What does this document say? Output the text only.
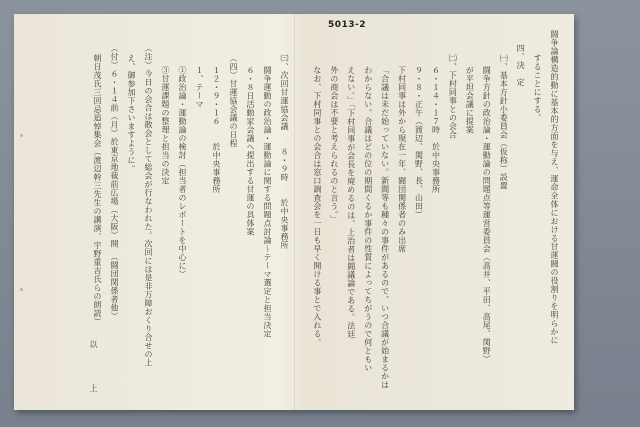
5013-2
闘争論構造的動に基本的方面を与え、運命全体における甘運闘の役割りを明らかに
することにする。
四、決　定
㈠、基本方針小委員会（仮称）設置
闘争方針の政治論・運動論の問題点等運営委員会（高井、平田、高尾、関野）
が平坦会議に提案
㈡、下村同事との会合
６・１４・１７時　於中央事務所
９・８・正午（渡辺、関野、長、山田）
下村同事は外から現在一年、闘団関係者のみ出席
「合議は未だ始っていない。新聞等も種々の事件があるので、いつ合議が始まるかは
わからない。合議はどの位の期間くるか事件の性質によってちがうので何ともい
えない。」「下村同事が会長を廃めるのは、上治者は闘議論である。法廷
外の商会は不要と考えられるのと言う。」
なお、下村同事との会合は窓口調査会を一日も早く開ける事とで入れる。
㈢、次回甘運協会議　　８・９時　　於中央事務所
闘争運動の政治論・運動論に関する問題点討論〜テーマ選定と担当決定
６・８日活動家会議へ提出する甘運の具体案
（四）甘運協会議の日程
１２・９・１６　　於中央事務所
１、テーマ
①政治論・運動論の検討（担当者のレポートを中心に）
③甘運課題の整理と担当の決定
（注）今日の会合は散会として総会が行なわれた。次回には是非万障おくり合せの上
え、御参加下さいますように。
（付）６・１４前（月）於東京地裁前広場（大阪）開　（闘団関係者他）
朝日茂氏三回忌追悼集会（渡辺幹三先生の講演、宇野重吉氏らの朗読）
以　上
